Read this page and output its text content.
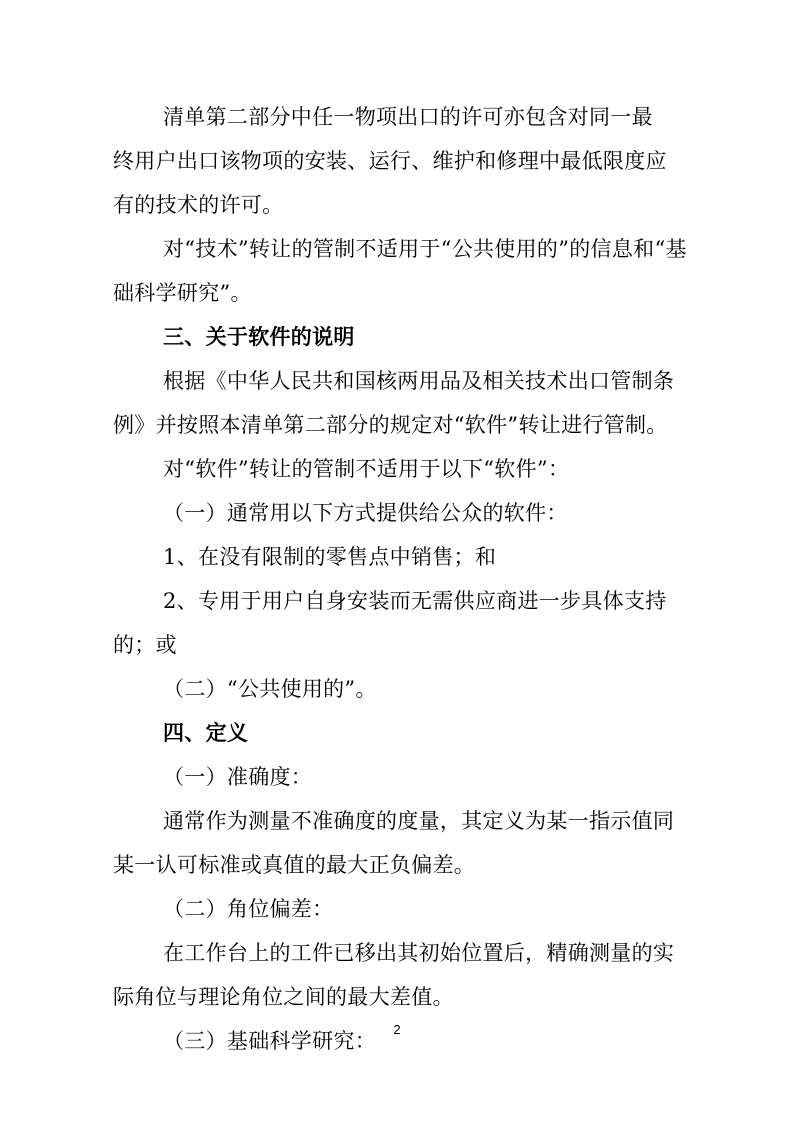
清单第二部分中任一物项出口的许可亦包含对同一最
终用户出口该物项的安装、运行、维护和修理中最低限度应
有的技术的许可。
对“技术”转让的管制不适用于“公共使用的”的信息和“基
础科学研究”。
三、关于软件的说明
根据《中华人民共和国核两用品及相关技术出口管制条
例》并按照本清单第二部分的规定对“软件”转让进行管制。
对“软件”转让的管制不适用于以下“软件”：
（一）通常用以下方式提供给公众的软件：
1、在没有限制的零售点中销售；和
2、专用于用户自身安装而无需供应商进一步具体支持
的；或
（二）“公共使用的”。
四、定义
（一）准确度：
通常作为测量不准确度的度量，其定义为某一指示值同
某一认可标准或真值的最大正负偏差。
（二）角位偏差：
在工作台上的工件已移出其初始位置后，精确测量的实
际角位与理论角位之间的最大差值。
（三）基础科学研究：	2
